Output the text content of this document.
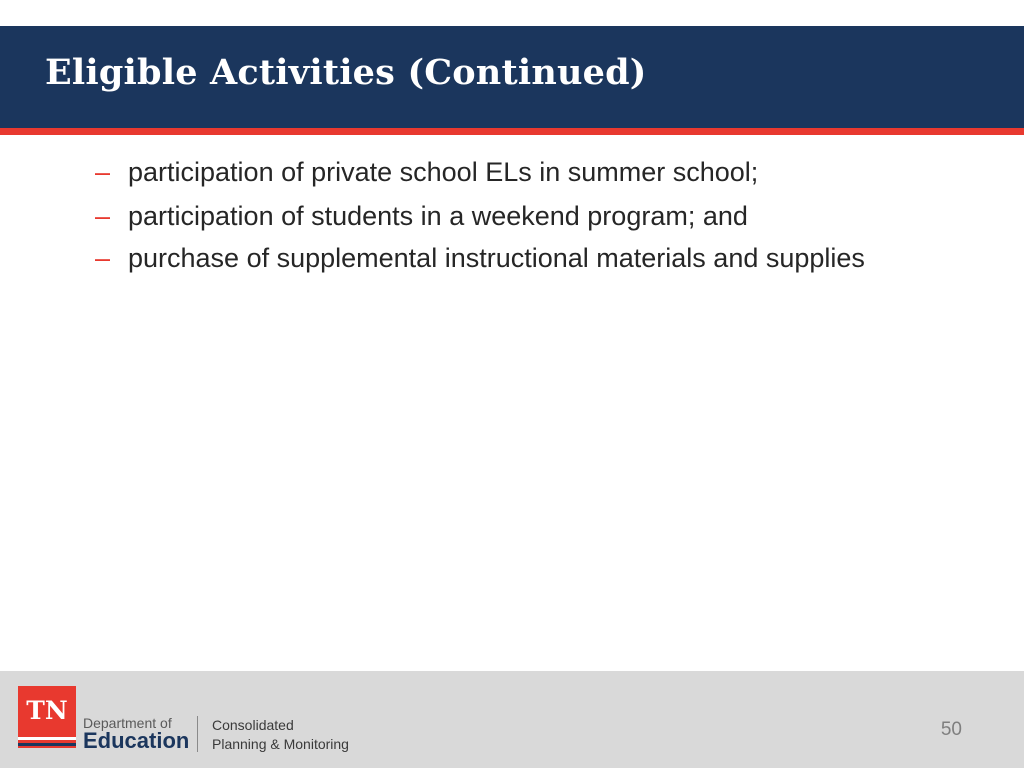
Eligible Activities (Continued)
– participation of private school ELs in summer school;
– participation of students in a weekend program; and
– purchase of supplemental instructional materials and supplies
TN	Department of
Education
Consolidated
Planning & Monitoring
50
